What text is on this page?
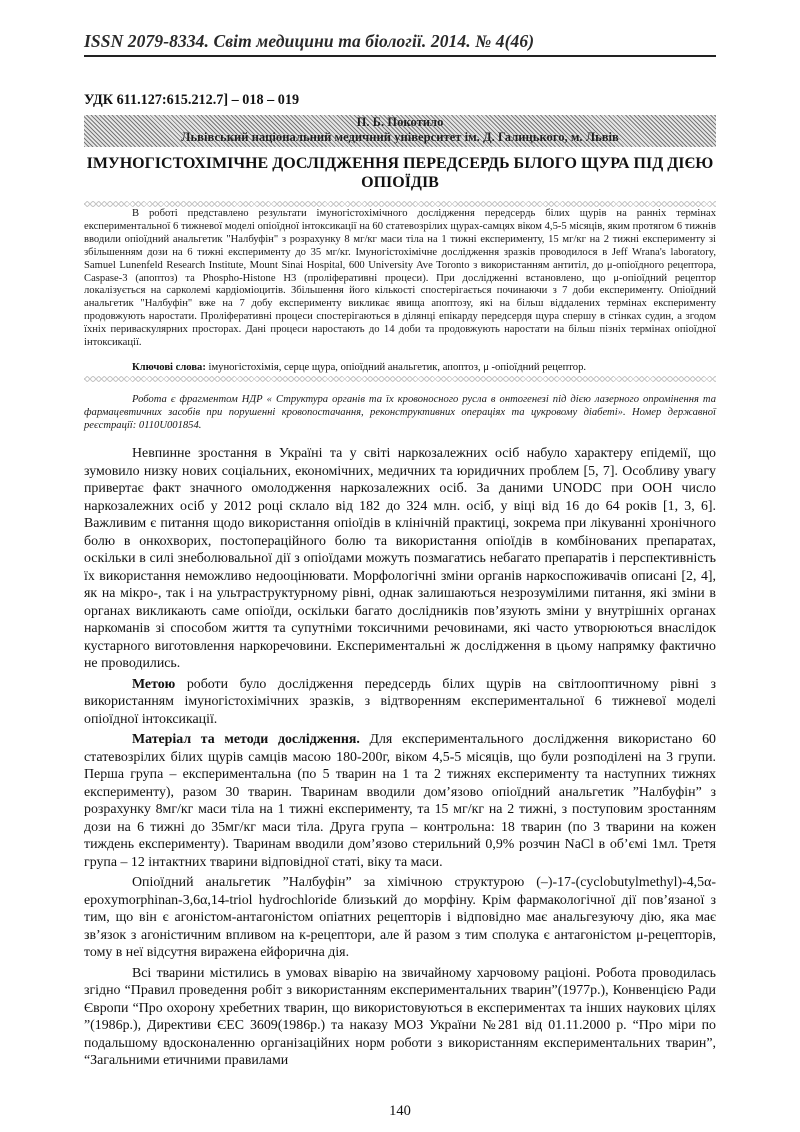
ISSN 2079-8334. Світ медицини та біології. 2014. № 4(46)
УДК 611.127:615.212.7] – 018 – 019
П. Б. Покотило
Львівський національний медичний університет ім. Д. Галицького, м. Львів
ІМУНОГІСТОХІМІЧНЕ ДОСЛІДЖЕННЯ ПЕРЕДСЕРДЬ БІЛОГО ЩУРА ПІД ДІЄЮ ОПІОЇДІВ

В роботі представлено результати імуногістохімічного дослідження передсердь білих щурів на ранніх термінах експериментальної 6 тижневої моделі опіоїдної інтоксикації на 60 статевозрілих щурах-самцях віком 4,5-5 місяців, яким протягом 6 тижнів вводили опіоїдний анальгетик "Налбуфін" з розрахунку 8 мг/кг маси тіла на 1 тижні експерименту, 15 мг/кг на 2 тижні експерименту зі збільшенням дози на 6 тижні експерименту до 35 мг/кг. Імуногістохімічне дослідження зразків проводилося в Jeff Wrana's laboratory, Samuel Lunenfeld Research Institute, Mount Sinai Hospital, 600 University Ave Toronto з використанням антитіл, до μ-опіоїдного рецептора, Caspase-3 (апоптоз) та Phospho-Histone H3 (проліферативні процеси). При дослідженні встановлено, що μ-опіоїдний рецептор локалізується на сарколемі кардіоміоцитів. Збільшення його кількості спостерігається починаючи з 7 доби експерименту. Опіоїдний анальгетик "Налбуфін" вже на 7 добу експерименту викликає явища апоптозу, які на більш віддалених термінах експерименту продовжують наростати. Проліферативні процеси спостерігаються в ділянці епікарду передсердя щура спершу в стінках судин, а згодом їхніх периваскулярних просторах. Дані процеси наростають до 14 доби та продовжують наростати на більш пізніх термінах опіоїдної інтоксикації.

Ключові слова: імуногістохімія, серце щура, опіоїдний анальгетик, апоптоз, μ -опіоїдний рецептор.

Робота є фрагментом НДР « Структура органів та їх кровоносного русла в онтогенезі під дією лазерного опромінення та фармацевтичних засобів при порушенні кровопостачання, реконструктивних операціях та цукровому діабеті». Номер державної реєстрації: 0110U001854.

Невпинне зростання в Україні та у світі наркозалежних осіб набуло характеру епідемії, що зумовило низку нових соціальних, економічних, медичних та юридичних проблем [5, 7]. Особливу увагу привертає факт значного омолодження наркозалежних осіб. За даними UNODC при ООН число наркозалежних осіб у 2012 році склало від 182 до 324 млн. осіб, у віці від 16 до 64 років [1, 3, 6]. Важливим є питання щодо використання опіоїдів в клінічній практиці, зокрема при лікуванні хронічного болю в онкохворих, постопераційного болю та використання опіоїдів в комбінованих препаратах, оскільки в силі знеболювальної дії з опіоїдами можуть позмагатись небагато препаратів і перспективність їх використання неможливо недооцінювати. Морфологічні зміни органів наркоспоживачів описані [2, 4], як на мікро-, так і на ультраструктурному рівні, однак залишаються незрозумілими питання, які зміни в органах викликають саме опіоїди, оскільки багато дослідників пов’язують зміни у внутрішніх органах наркоманів зі способом життя та супутніми токсичними речовинами, які часто утворюються внаслідок кустарного виготовлення наркоречовини. Експериментальні ж дослідження в цьому напрямку фактично не проводились.

Метою роботи було дослідження передсердь білих щурів на світлооптичному рівні з використанням імуногістохімічних зразків, з відтворенням експериментальної 6 тижневої моделі опіоїдної інтоксикації.

Матеріал та методи дослідження. Для експериментального дослідження використано 60 статевозрілих білих щурів самців масою 180-200г, віком 4,5-5 місяців, що були розподілені на 3 групи. Перша група – експериментальна (по 5 тварин на 1 та 2 тижнях експерименту та наступних тижнях експерименту), разом 30 тварин. Тваринам вводили дом’язово опіоїдний анальгетик ”Налбуфін” з розрахунку 8мг/кг маси тіла на 1 тижні експерименту, та 15 мг/кг на 2 тижні, з поступовим зростанням дози на 6 тижні до 35мг/кг маси тіла. Друга група – контрольна: 18 тварин (по 3 тварини на кожен тиждень експерименту). Тваринам вводили дом’язово стерильний 0,9% розчин NaCl в об’ємі 1мл. Третя група – 12 інтактних тварини відповідної статі, віку та маси.

Опіоїдний анальгетик ”Налбуфін” за хімічною структурою (–)-17-(cyclobutylmethyl)-4,5α-epoxymorphinan-3,6α,14-triol hydrochloride близький до морфіну. Крім фармакологічної дії пов’язаної з тим, що він є агоністом-антагоністом опіатних рецепторів і відповідно має анальгезуючу дію, яка має зв’язок з агоністичним впливом на к-рецептори, але й разом з тим сполука є антагоністом μ-рецепторів, тому в неї відсутня виражена ейфорична дія.

Всі тварини містились в умовах віварію на звичайному харчовому раціоні. Робота проводилась згідно “Правил проведення робіт з використанням експериментальних тварин”(1977р.), Конвенцією Ради Європи “Про охорону хребетних тварин, що використовуються в експериментах та інших наукових цілях ”(1986р.), Директиви ЄЕС 3609(1986р.) та наказу МОЗ України №281 від 01.11.2000 р. “Про міри по подальшому вдосконаленню організаційних норм роботи з використанням експериментальних тварин”, “Загальними етичними правилами

140
